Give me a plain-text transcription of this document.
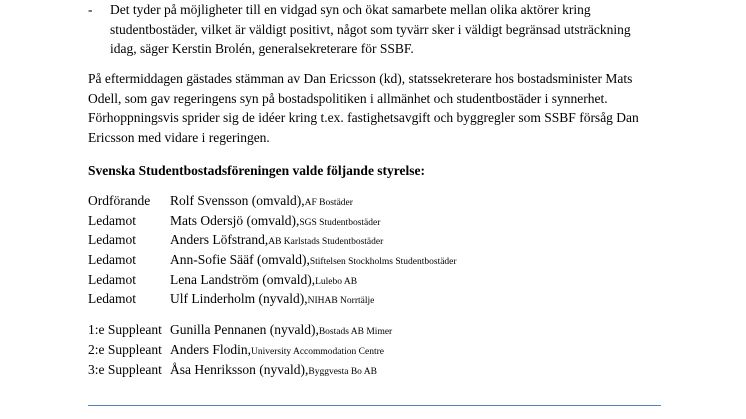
- Det tyder på möjligheter till en vidgad syn och ökat samarbete mellan olika aktörer kring
studentbostäder, vilket är väldigt positivt, något som tyvärr sker i väldigt begränsad utsträckning
idag, säger Kerstin Brolén, generalsekreterare för SSBF.
På eftermiddagen gästades stämman av Dan Ericsson (kd), statssekreterare hos bostadsminister Mats
Odell, som gav regeringens syn på bostadspolitiken i allmänhet och studentbostäder i synnerhet.
Förhoppningsvis sprider sig de idéer kring t.ex. fastighetsavgift och byggregler som SSBF försåg Dan
Ericsson med vidare i regeringen.
Svenska Studentbostadsföreningen valde följande styrelse:
Ordförande	Rolf Svensson (omvald), AF Bostäder
Ledamot	Mats Odersjö (omvald), SGS Studentbostäder
Ledamot	Anders Löfstrand, AB Karlstads Studentbostäder
Ledamot	Ann-Sofie Sääf (omvald), Stiftelsen Stockholms Studentbostäder
Ledamot	Lena Landström (omvald), Lulebo AB
Ledamot	Ulf Linderholm (nyvald), NIHAB Norrtälje
1:e Suppleant Gunilla Pennanen (nyvald), Bostads AB Mimer
2:e Suppleant Anders Flodin, University Accommodation Centre
3:e Suppleant Åsa Henriksson (nyvald), Byggvesta Bo AB
